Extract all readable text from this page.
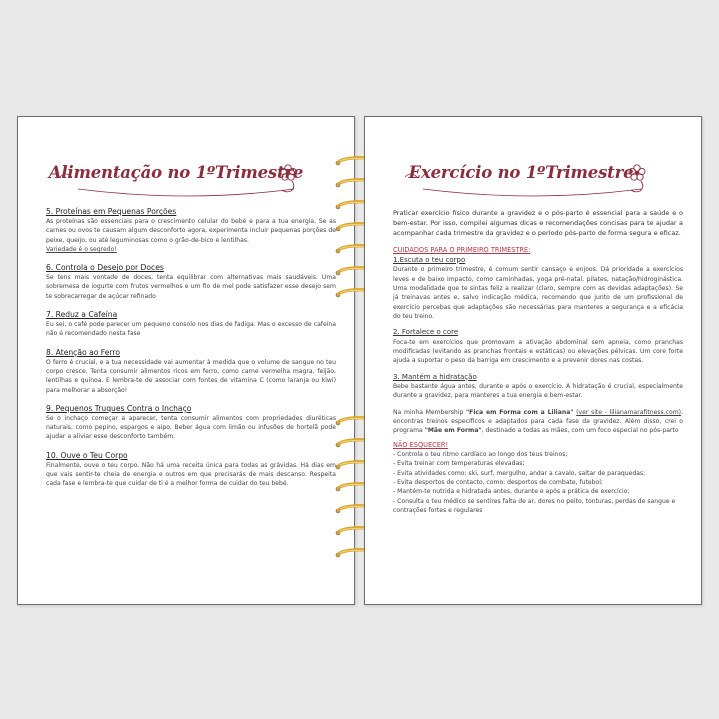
Alimentação no 1ºTrimestre
5. Proteínas em Pequenas Porções
As proteínas são essenciais para o crescimento celular do bebé e para a tua energia. Se as carnes ou ovos te causam algum desconforto agora, experimenta incluir pequenas porções de peixe, queijo, ou até leguminosas como o grão-de-bico e lentilhas.
Variedade é o segredo!
6. Controla o Desejo por Doces
Se tens mais vontade de doces, tenta equilibrar com alternativas mais saudáveis. Uma sobremesa de iogurte com frutos vermelhos e um fio de mel pode satisfazer esse desejo sem te sobrecarregar de açúcar refinado
7. Reduz a Cafeína
Eu sei, o café pode parecer um pequeno consolo nos dias de fadiga. Mas o excesso de cafeína não é recomendado nesta fase
8. Atenção ao Ferro
O ferro é crucial, e a tua necessidade vai aumentar à medida que o volume de sangue no teu corpo cresce. Tenta consumir alimentos ricos em ferro, como carne vermelha magra, feijão, lentilhas e quinoa. E lembra-te de associar com fontes de vitamina C (como laranja ou kiwi) para melhorar a absorção!
9. Pequenos Truques Contra o Inchaço
Se o inchaço começar a aparecer, tenta consumir alimentos com propriedades diuréticas naturais, como pepino, espargos e aipo. Beber água com limão ou infusões de hortelã pode ajudar a aliviar esse desconforto também.
10. Ouve o Teu Corpo
Finalmente, ouve o teu corpo. Não há uma receita única para todas as grávidas. Há dias em que vais sentir-te cheia de energia e outros em que precisarás de mais descanso. Respeita cada fase e lembra-te que cuidar de ti é a melhor forma de cuidar do teu bebé.
Exercício no 1ºTrimestre
Praticar exercício físico durante a gravidez e o pós-parto é essencial para a saúde e o bem-estar. Por isso, compilei algumas dicas e recomendações concisas para te ajudar a acompanhar cada trimestre da gravidez e o período pós-parto de forma segura e eficaz.
CUIDADOS PARA O PRIMEIRO TRIMESTRE:
1.Escuta o teu corpo
Durante o primeiro trimestre, é comum sentir cansaço e enjoos. Dá prioridade a exercícios leves e de baixo impacto, como caminhadas, yoga pré-natal, pilates, natação/hidroginástica. Uma modalidade que te sintas feliz a realizar (claro, sempre com as devidas adaptações). Se já treinavas antes e, salvo indicação médica, recomendo que junto de um profissional de exercício percebas que adaptações são necessárias para manteres a segurança e a eficácia do teu treino.
2. Fortalece o core
Foca-te em exercícios que promovam a ativação abdominal sem apneia, como pranchas modificadas (evitando as pranchas frontais e estáticas) ou elevações pélvicas. Um core forte ajuda a suportar o peso da barriga em crescimento e a prevenir dores nas costas.
3. Mantém a hidratação
Bebe bastante água antes, durante e após o exercício. A hidratação é crucial, especialmente durante a gravidez, para manteres a tua energia e bem-estar.
Na minha Membership "Fica em Forma com a Liliana" (ver site - lilianamarafitness.com), encontras treinos específicos e adaptados para cada fase da gravidez. Além disso, crei o programa "Mãe em Forma", destinado a todas as mães, com um foco especial no pós-parto
NÃO ESQUECER!
- Controla o teu ritmo cardíaco ao longo dos teus treinos;
- Evita treinar com temperaturas elevadas;
- Evita atividades como: ski, surf, mergulho, andar a cavalo, saltar de paraquedas;
- Evita desportos de contacto, como: desportos de combate, futebol;
- Mantém-te nutrida e hidratada antes, durante e após a prática de exercício;
- Consulta o teu médico se sentires falta de ar, dores no peito, tonturas, perdas de sangue e contrações fortes e regulares
